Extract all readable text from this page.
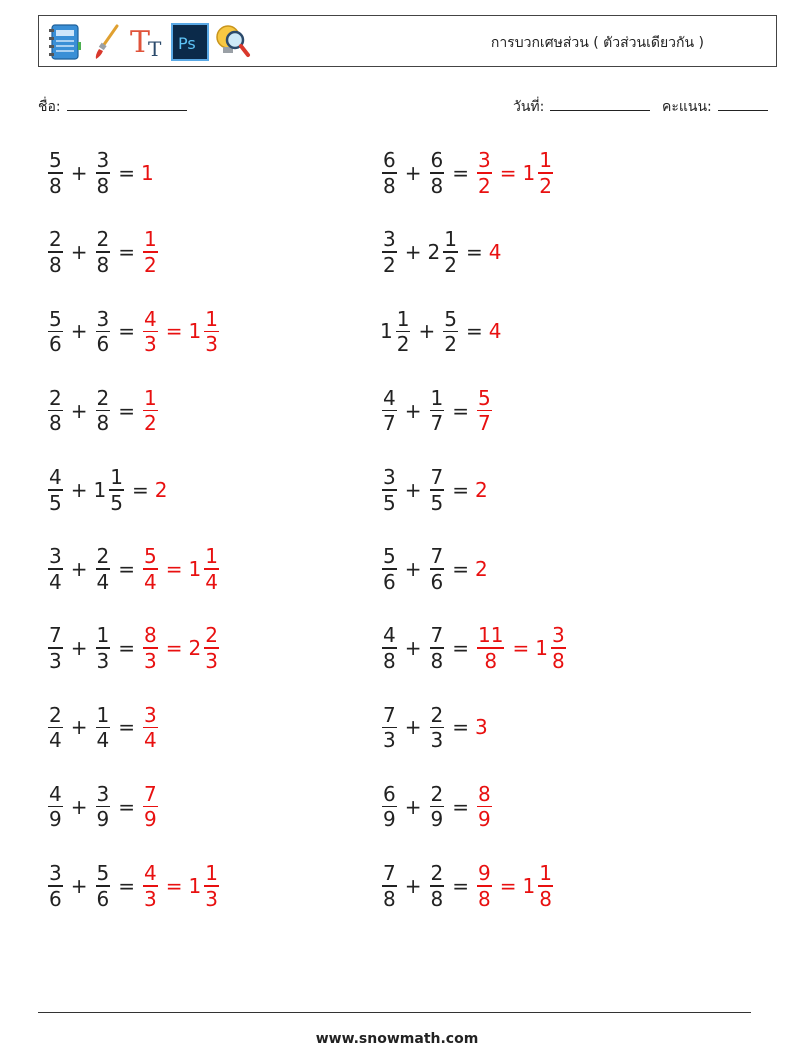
T
T Ps	การบวกเศษส่วน ( ตัวส่วนเดียวกัน )
ชื่อ:	วันที่:	คะแนน:
$\frac{5}{8} + \frac{3}{8} = 1$	$\frac{6}{8} + \frac{6}{8} = \frac{3}{2} = 1 \frac{1}{2}$
$\frac{2}{8} + \frac{2}{8} = \frac{1}{2}$	$\frac{3}{2} + 2 \frac{1}{2} = 4$
$\frac{5}{6} + \frac{3}{6} = \frac{4}{3} = 1 \frac{1}{3}$	$1 \frac{1}{2} + \frac{5}{2} = 4$
$\frac{2}{8} + \frac{2}{8} = \frac{1}{2}$	$\frac{4}{7} + \frac{1}{7} = \frac{5}{7}$
$\frac{4}{5} + 1 \frac{1}{5} = 2$	$\frac{3}{5} + \frac{7}{5} = 2$
$\frac{3}{4} + \frac{2}{4} = \frac{5}{4} = 1 \frac{1}{4}$	$\frac{5}{6} + \frac{7}{6} = 2$
$\frac{7}{3} + \frac{1}{3} = \frac{8}{3} = 2 \frac{2}{3}$	$\frac{4}{8} + \frac{7}{8} = \frac{11}{8} = 1 \frac{3}{8}$
$\frac{2}{4} + \frac{1}{4} = \frac{3}{4}$	$\frac{7}{3} + \frac{2}{3} = 3$
$\frac{4}{9} + \frac{3}{9} = \frac{7}{9}$	$\frac{6}{9} + \frac{2}{9} = \frac{8}{9}$
$\frac{3}{6} + \frac{5}{6} = \frac{4}{3} = 1 \frac{1}{3}$	$\frac{7}{8} + \frac{2}{8} = \frac{9}{8} = 1 \frac{1}{8}$
www.snowmath.com
